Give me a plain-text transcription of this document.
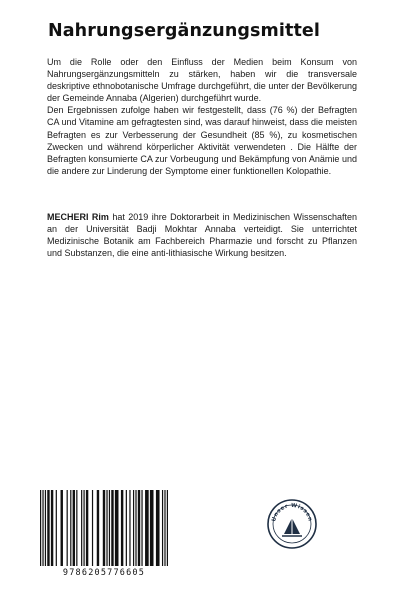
Nahrungsergänzungsmittel

Um die Rolle oder den Einfluss der Medien beim Konsum von Nahrungsergänzungsmitteln zu stärken, haben wir die transversale deskriptive ethnobotanische Umfrage durchgeführt, die unter der Bevölkerung der Gemeinde Annaba (Algerien) durchgeführt wurde.

Den Ergebnissen zufolge haben wir festgestellt, dass (76 %) der Befragten CA und Vitamine am gefragtesten sind, was darauf hinweist, dass die meisten Befragten es zur Verbesserung der Gesundheit (85 %), zu kosmetischen Zwecken und während körperlicher Aktivität verwendeten . Die Hälfte der Befragten konsumierte CA zur Vorbeugung und Bekämpfung von Anämie und die andere zur Linderung der Symptome einer funktionellen Kolopathie.

MECHERI Rim hat 2019 ihre Doktorarbeit in Medizinischen Wissenschaften an der Universität Badji Mokhtar Annaba verteidigt. Sie unterrichtet Medizinische Botanik am Fachbereich Pharmazie und forscht zu Pflanzen und Substanzen, die eine anti-lithiasische Wirkung besitzen.
9786205776605
Unser Wissen
